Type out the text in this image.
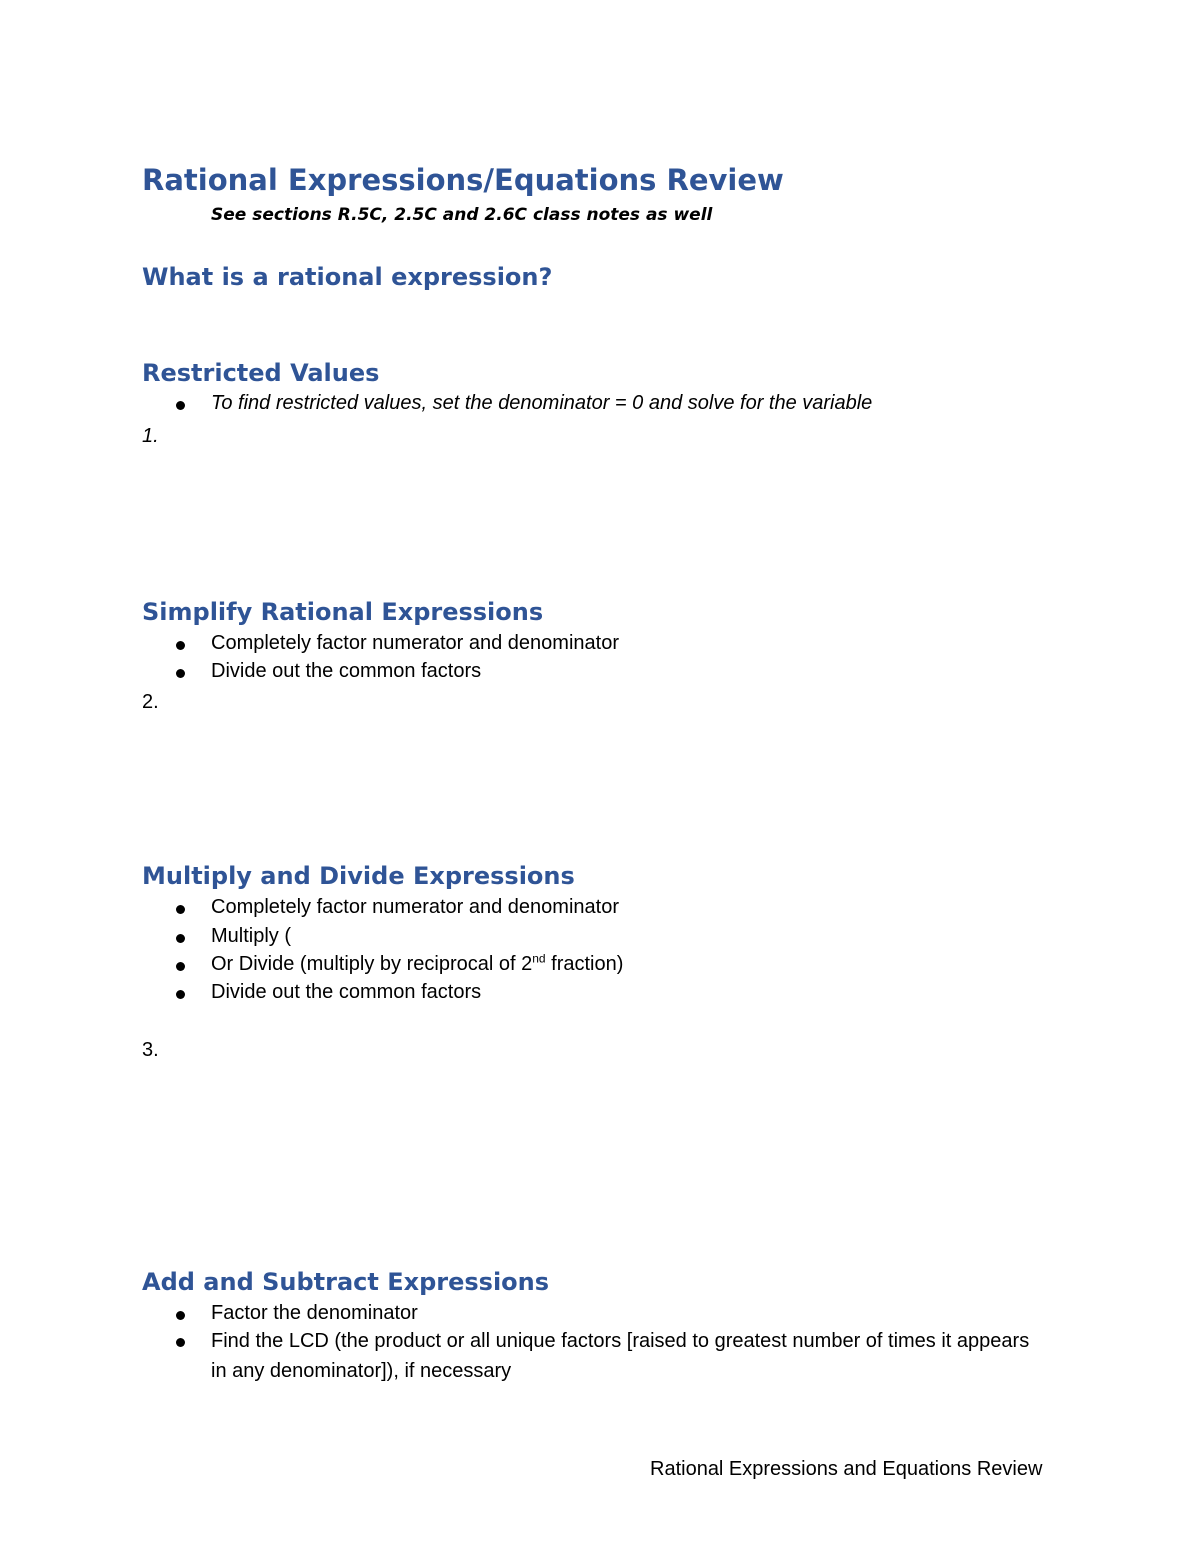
Rational Expressions/Equations Review
See sections R.5C, 2.5C and 2.6C class notes as well
What is a rational expression?
Restricted Values
To find restricted values, set the denominator = 0 and solve for the variable
1.
Simplify Rational Expressions
Completely factor numerator and denominator
Divide out the common factors
2.
Multiply and Divide Expressions
Completely factor numerator and denominator
Multiply (
Or Divide (multiply by reciprocal of 2nd fraction)
Divide out the common factors
3.
Add and Subtract Expressions
Factor the denominator
Find the LCD (the product or all unique factors [raised to greatest number of times it appears in any denominator]), if necessary
Rational Expressions and Equations Review
